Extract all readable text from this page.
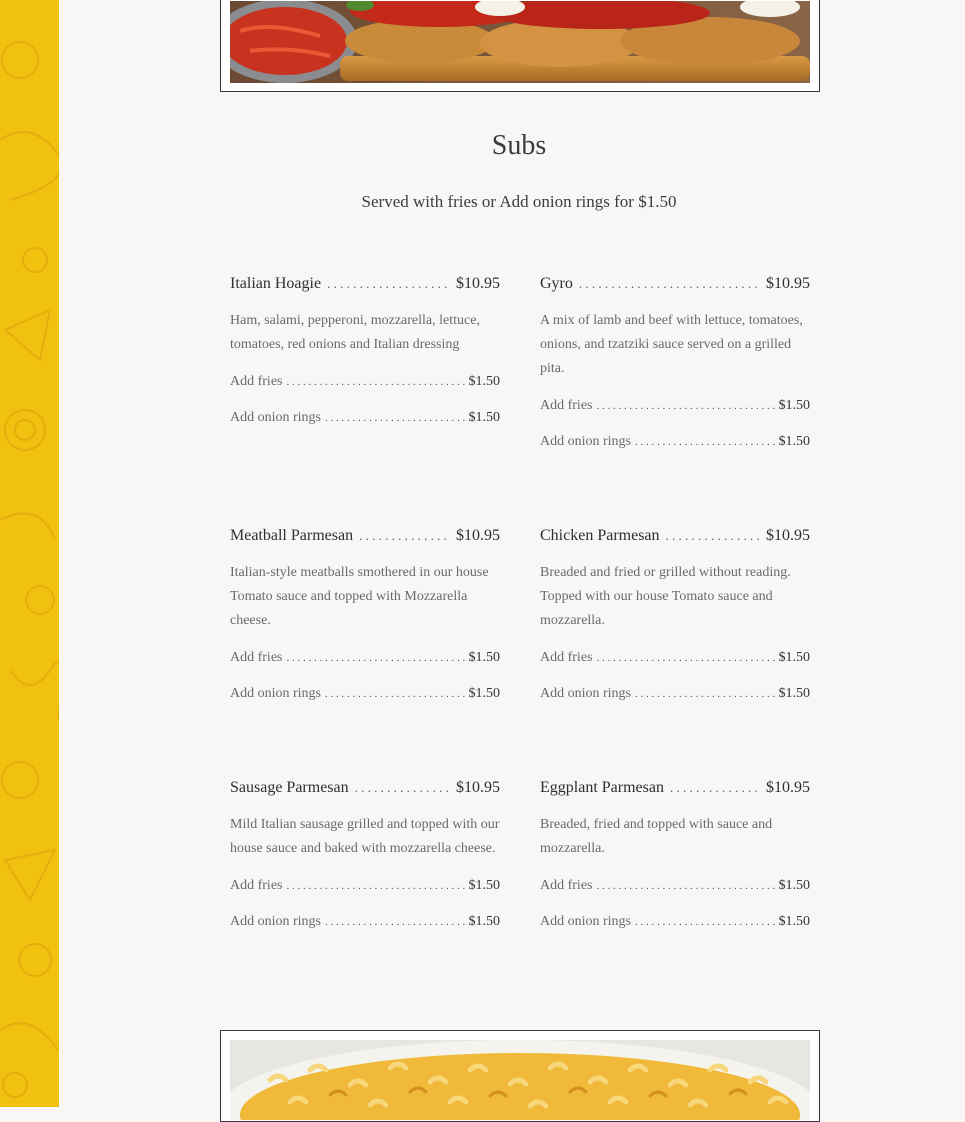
Subs
Served with fries or Add onion rings for $1.50
Italian Hoagie . . .	$10.95
Ham, salami, pepperoni, mozzarella, lettuce, tomatoes, red onions and Italian dressing
Add fries . . .	$1.50
Add onion rings . . .	$1.50
Gyro . . .	$10.95
A mix of lamb and beef with lettuce, tomatoes, onions, and tzatziki sauce served on a grilled pita.
Add fries . . .	$1.50
Add onion rings . . .	$1.50
Meatball Parmesan . . .	$10.95
Italian-style meatballs smothered in our house Tomato sauce and topped with Mozzarella cheese.
Add fries . . .	$1.50
Add onion rings . . .	$1.50
Chicken Parmesan . . .	$10.95
Breaded and fried or grilled without reading. Topped with our house Tomato sauce and mozzarella.
Add fries . . .	$1.50
Add onion rings . . .	$1.50
Sausage Parmesan . . .	$10.95
Mild Italian sausage grilled and topped with our house sauce and baked with mozzarella cheese.
Add fries . . .	$1.50
Add onion rings . . .	$1.50
Eggplant Parmesan . . .	$10.95
Breaded, fried and topped with sauce and mozzarella.
Add fries . . .	$1.50
Add onion rings . . .	$1.50
